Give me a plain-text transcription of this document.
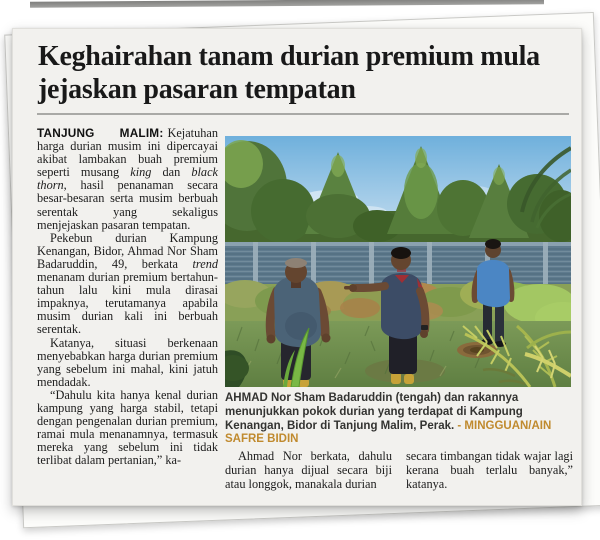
Keghairahan tanam durian premium mula jejaskan pasaran tempatan

TANJUNG MALIM: Kejatuhan harga durian musim ini dipercayai akibat lambakan buah premium seperti musang king dan black thorn, hasil penanaman secara besar-besaran serta musim berbuah serentak yang sekaligus menjejaskan pasaran tempatan.

Pekebun durian Kampung Kenangan, Bidor, Ahmad Nor Sham Badaruddin, 49, berkata trend menanam durian premium bertahun-tahun lalu kini mula dirasai impaknya, terutamanya apabila musim durian kali ini berbuah serentak.

Katanya, situasi berkenaan menyebabkan harga durian premium yang sebelum ini mahal, kini jatuh mendadak.

“Dahulu kita hanya kenal durian kampung yang harga stabil, tetapi dengan pengenalan durian premium, ramai mula menanamnya, termasuk mereka yang sebelum ini tidak terlibat dalam pertanian,” ka-

AHMAD Nor Sham Badaruddin (tengah) dan rakannya menunjukkan pokok durian yang terdapat di Kampung Kenangan, Bidor di Tanjung Malim, Perak. - MINGGUAN/AIN SAFRE BIDIN

Ahmad Nor berkata, dahulu durian hanya dijual secara biji atau longgok, manakala durian

secara timbangan tidak wajar lagi kerana buah terlalu banyak,” katanya.
